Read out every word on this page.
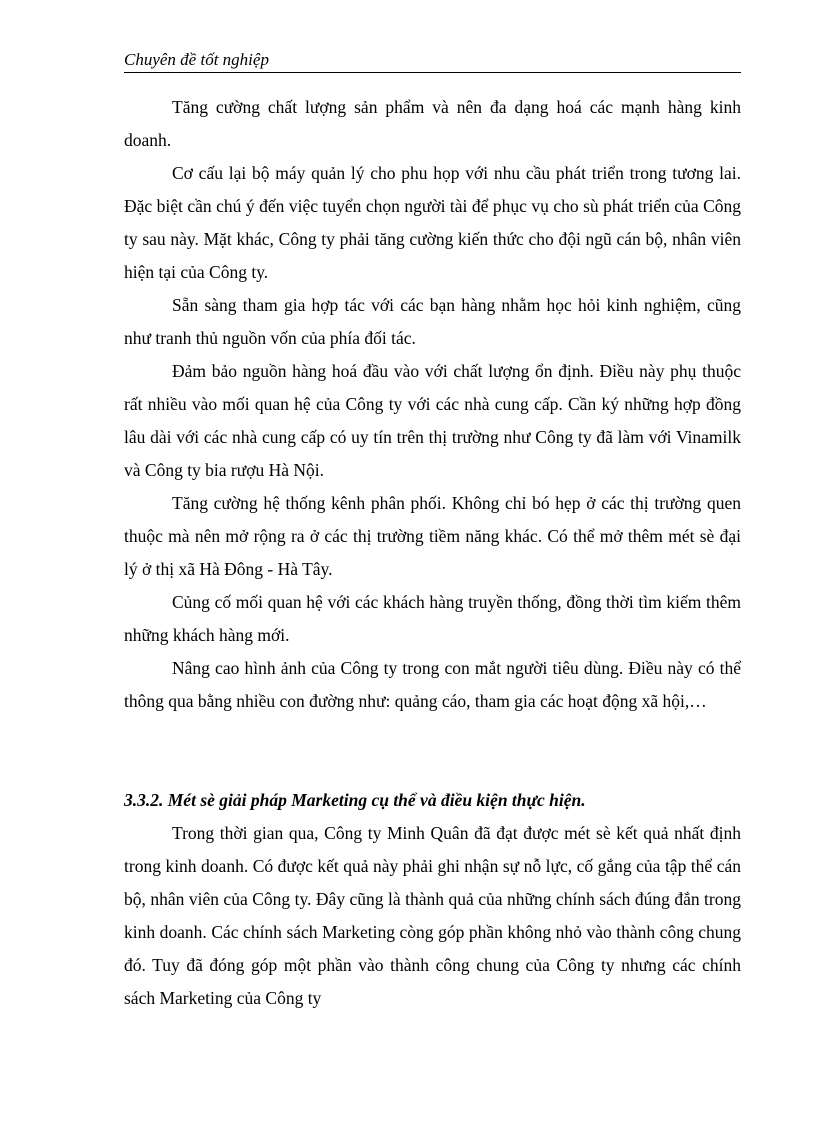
Chuyên đề tốt nghiệp

Tăng cường chất lượng sản phẩm và nên đa dạng hoá các mạnh hàng kinh doanh.

Cơ cấu lại bộ máy quản lý cho phu họp với nhu cầu phát triển trong tương lai. Đặc biệt cần chú ý đến việc tuyển chọn người tài để phục vụ cho sù phát triển của Công ty sau này. Mặt khác, Công ty phải tăng cường kiến thức cho đội ngũ cán bộ, nhân viên hiện tại của Công ty.

Sẵn sàng tham gia hợp tác với các bạn hàng nhằm học hỏi kinh nghiệm, cũng như tranh thủ nguồn vốn của phía đối tác.

Đảm bảo nguồn hàng hoá đầu vào với chất lượng ổn định. Điều này phụ thuộc rất nhiều vào mối quan hệ của Công ty với các nhà cung cấp. Cần ký những hợp đồng lâu dài với các nhà cung cấp có uy tín trên thị trường như Công ty đã làm với Vinamilk và Công ty bia rượu Hà Nội.

Tăng cường hệ thống kênh phân phối. Không chỉ bó hẹp ở các thị trường quen thuộc mà nên mở rộng ra ở các thị trường tiềm năng khác. Có thể mở thêm mét sè đại lý ở thị xã Hà Đông - Hà Tây.

Củng cố mối quan hệ với các khách hàng truyền thống, đồng thời tìm kiếm thêm những khách hàng mới.

Nâng cao hình ảnh của Công ty trong con mắt người tiêu dùng. Điều này có thể thông qua bằng nhiều con đường như: quảng cáo, tham gia các hoạt động xã hội,…

3.3.2. Mét sè giải pháp Marketing cụ thể và điều kiện thực hiện.

Trong thời gian qua, Công ty Minh Quân đã đạt được mét sè kết quả nhất định trong kinh doanh. Có được kết quả này phải ghi nhận sự nỗ lực, cố gắng của tập thể cán bộ, nhân viên của Công ty. Đây cũng là thành quả của những chính sách đúng đắn trong kinh doanh. Các chính sách Marketing còng góp phần không nhỏ vào thành công chung đó. Tuy đã đóng góp một phần vào thành công chung của Công ty nhưng các chính sách Marketing của Công ty
